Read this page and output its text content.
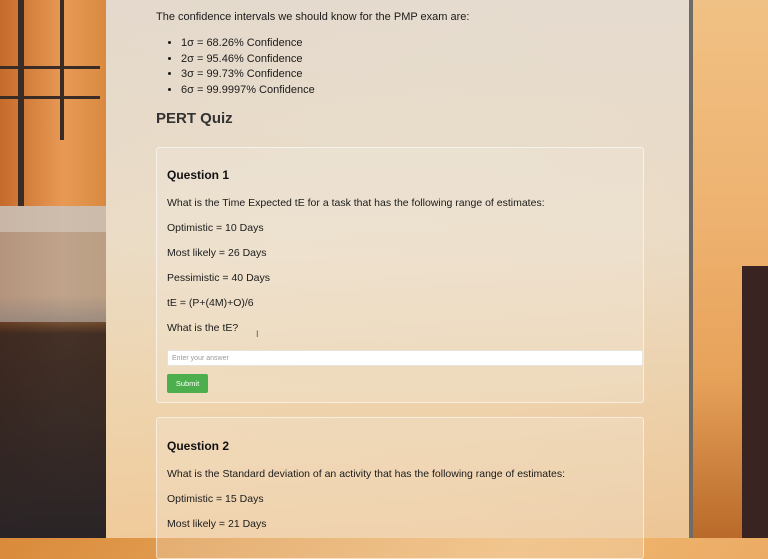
The confidence intervals we should know for the PMP exam are:
• 1σ = 68.26% Confidence
• 2σ = 95.46% Confidence
• 3σ = 99.73% Confidence
• 6σ = 99.9997% Confidence
PERT Quiz
Question 1
What is the Time Expected tE for a task that has the following range of estimates:
Optimistic = 10 Days
Most likely = 26 Days
Pessimistic = 40 Days
tE = (P+(4M)+O)/6
What is the tE? I
Enter your answer
Submit
Question 2
What is the Standard deviation of an activity that has the following range of estimates:
Optimistic = 15 Days
Most likely = 21 Days
